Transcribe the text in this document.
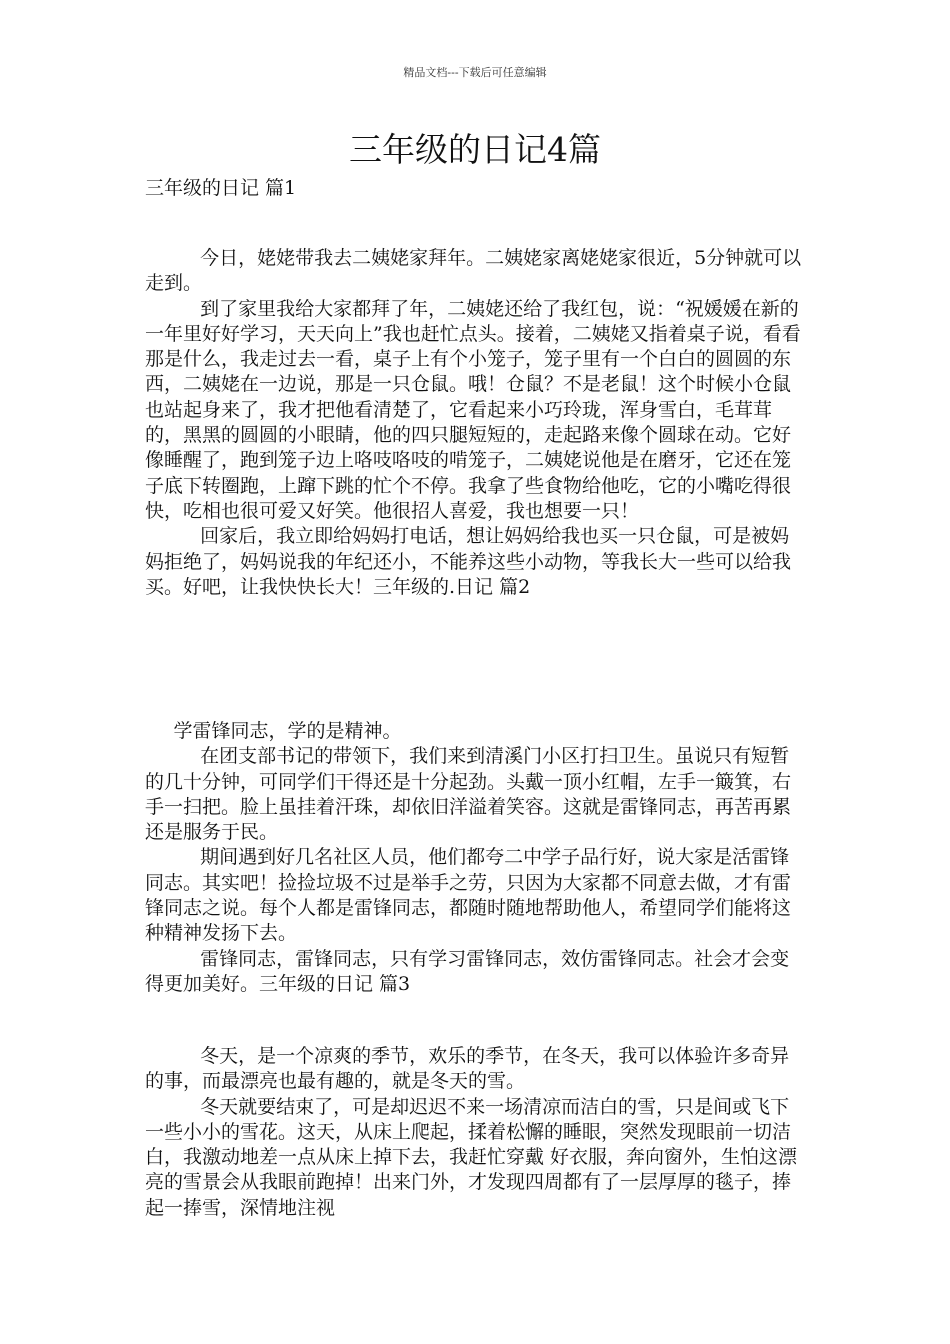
精品文档---下载后可任意编辑
三年级的日记4篇
三年级的日记 篇1

今日，姥姥带我去二姨姥家拜年。二姨姥家离姥姥家很近，5分钟就可以走到。

到了家里我给大家都拜了年，二姨姥还给了我红包，说：“祝媛媛在新的一年里好好学习，天天向上”我也赶忙点头。接着，二姨姥又指着桌子说，看看那是什么，我走过去一看，桌子上有个小笼子，笼子里有一个白白的圆圆的东西，二姨姥在一边说，那是一只仓鼠。哦！仓鼠？不是老鼠！这个时候小仓鼠也站起身来了，我才把他看清楚了，它看起来小巧玲珑，浑身雪白，毛茸茸的，黑黑的圆圆的小眼睛，他的四只腿短短的，走起路来像个圆球在动。它好像睡醒了，跑到笼子边上咯吱咯吱的啃笼子，二姨姥说他是在磨牙，它还在笼子底下转圈跑，上蹿下跳的忙个不停。我拿了些食物给他吃，它的小嘴吃得很快，吃相也很可爱又好笑。他很招人喜爱，我也想要一只！

回家后，我立即给妈妈打电话，想让妈妈给我也买一只仓鼠，可是被妈妈拒绝了，妈妈说我的年纪还小，不能养这些小动物，等我长大一些可以给我买。好吧，让我快快长大！三年级的.日记 篇2

学雷锋同志，学的是精神。

在团支部书记的带领下，我们来到清溪门小区打扫卫生。虽说只有短暂的几十分钟，可同学们干得还是十分起劲。头戴一顶小红帽，左手一簸箕，右手一扫把。脸上虽挂着汗珠，却依旧洋溢着笑容。这就是雷锋同志，再苦再累还是服务于民。

期间遇到好几名社区人员，他们都夸二中学子品行好，说大家是活雷锋同志。其实吧！捡捡垃圾不过是举手之劳，只因为大家都不同意去做，才有雷锋同志之说。每个人都是雷锋同志，都随时随地帮助他人，希望同学们能将这种精神发扬下去。

雷锋同志，雷锋同志，只有学习雷锋同志，效仿雷锋同志。社会才会变得更加美好。三年级的日记 篇3

冬天，是一个凉爽的季节，欢乐的季节，在冬天，我可以体验许多奇异的事，而最漂亮也最有趣的，就是冬天的雪。

冬天就要结束了，可是却迟迟不来一场清凉而洁白的雪，只是间或飞下一些小小的雪花。这天，从床上爬起，揉着松懈的睡眼，突然发现眼前一切洁白，我激动地差一点从床上掉下去，我赶忙穿戴 好衣服，奔向窗外，生怕这漂亮的雪景会从我眼前跑掉！出来门外，才发现四周都有了一层厚厚的毯子，捧起一捧雪，深情地注视
